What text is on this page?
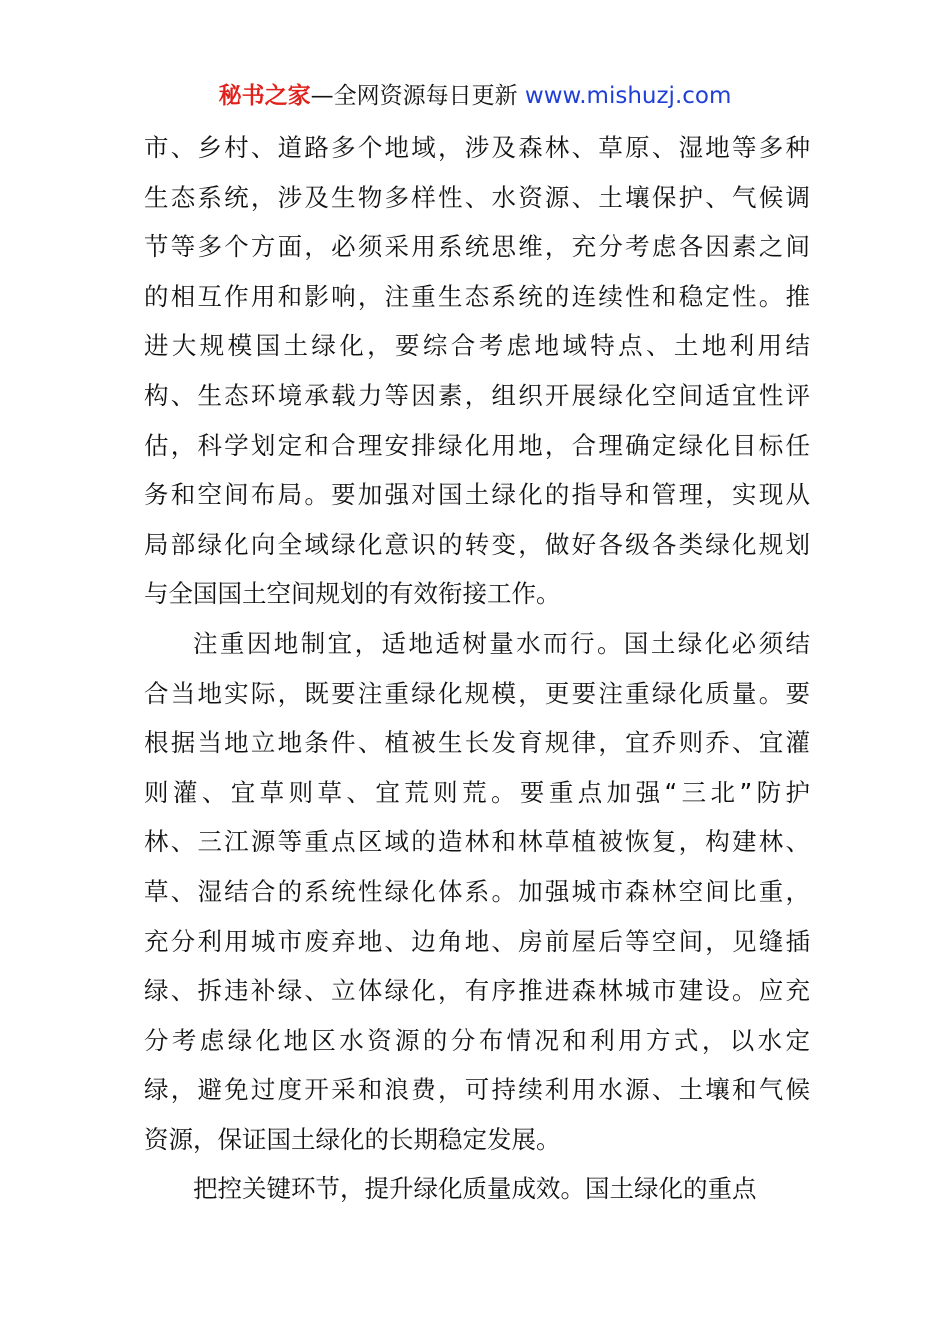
秘书之家—全网资源每日更新 www.mishuzj.com
市、乡村、道路多个地域，涉及森林、草原、湿地等多种
生态系统，涉及生物多样性、水资源、土壤保护、气候调
节等多个方面，必须采用系统思维，充分考虑各因素之间
的相互作用和影响，注重生态系统的连续性和稳定性。推
进大规模国土绿化，要综合考虑地域特点、土地利用结
构、生态环境承载力等因素，组织开展绿化空间适宜性评
估，科学划定和合理安排绿化用地，合理确定绿化目标任
务和空间布局。要加强对国土绿化的指导和管理，实现从
局部绿化向全域绿化意识的转变，做好各级各类绿化规划
与全国国土空间规划的有效衔接工作。
注重因地制宜，适地适树量水而行。国土绿化必须结
合当地实际，既要注重绿化规模，更要注重绿化质量。要
根据当地立地条件、植被生长发育规律，宜乔则乔、宜灌
则灌、宜草则草、宜荒则荒。要重点加强“三北”防护
林、三江源等重点区域的造林和林草植被恢复，构建林、
草、湿结合的系统性绿化体系。加强城市森林空间比重，
充分利用城市废弃地、边角地、房前屋后等空间，见缝插
绿、拆违补绿、立体绿化，有序推进森林城市建设。应充
分考虑绿化地区水资源的分布情况和利用方式，以水定
绿，避免过度开采和浪费，可持续利用水源、土壤和气候
资源，保证国土绿化的长期稳定发展。
把控关键环节，提升绿化质量成效。国土绿化的重点
